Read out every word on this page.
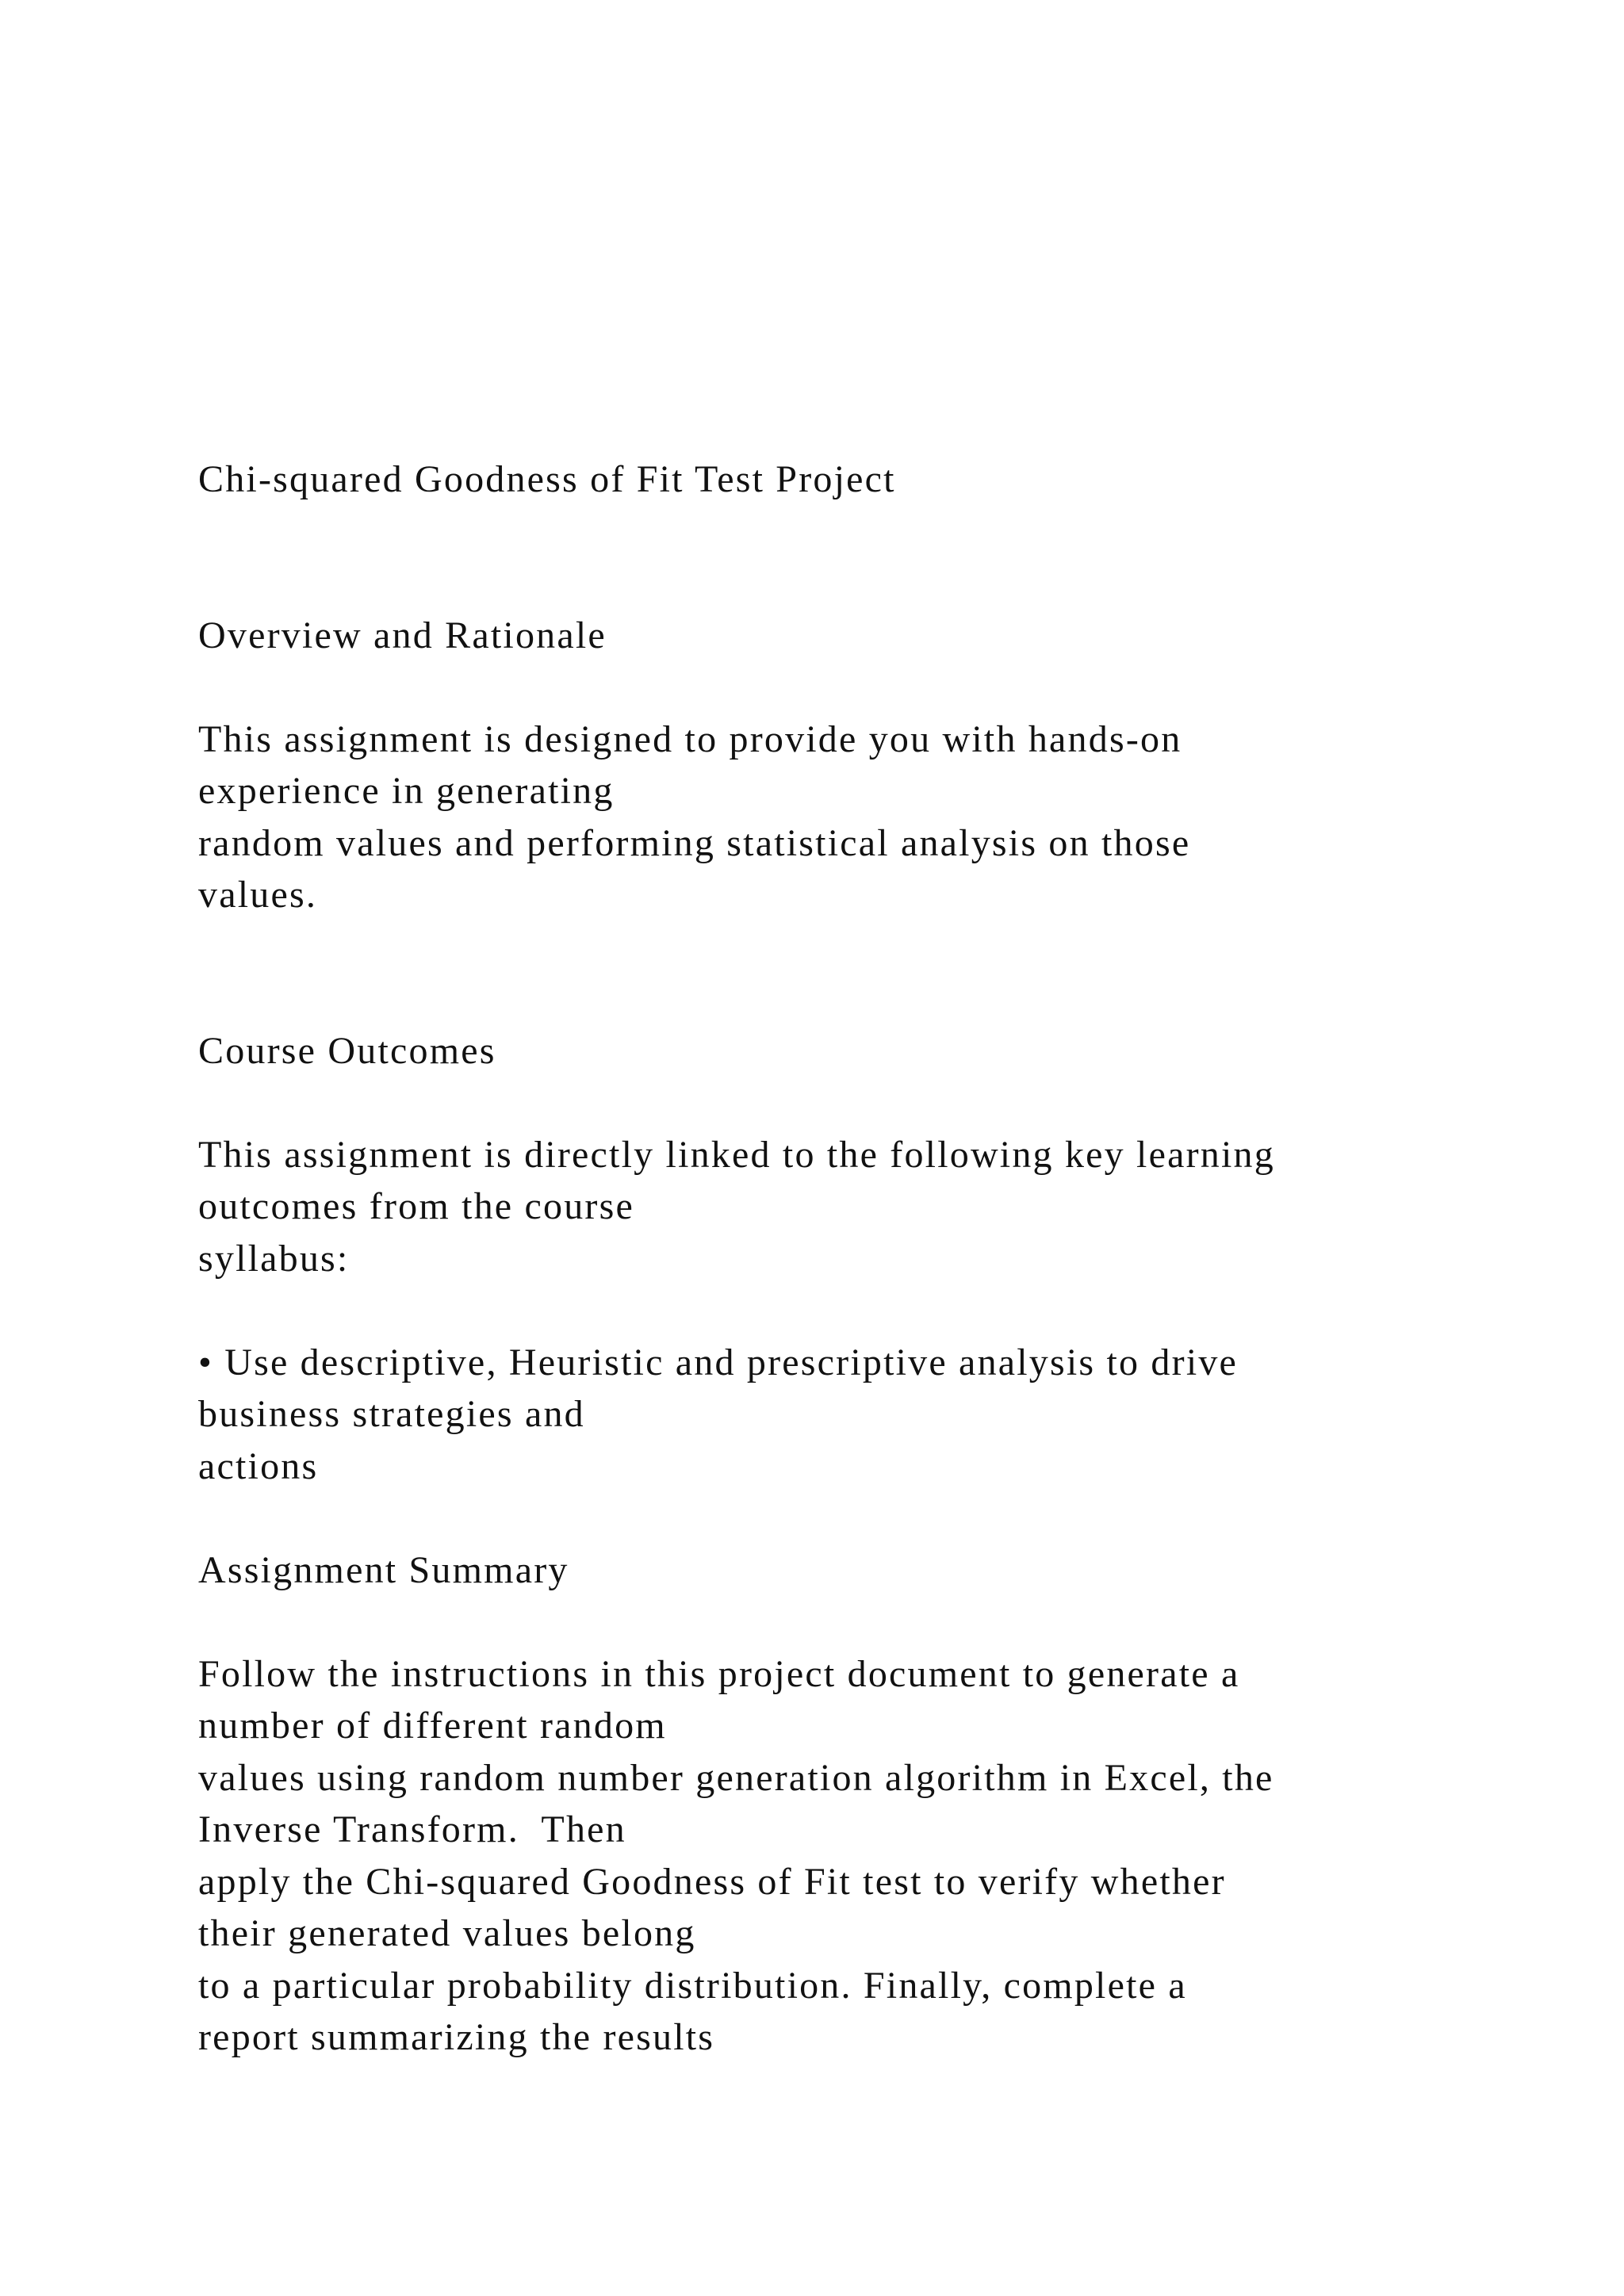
Chi-squared Goodness of Fit Test Project
Overview and Rationale
This assignment is designed to provide you with hands-on
experience in generating
random values and performing statistical analysis on those
values.
Course Outcomes
This assignment is directly linked to the following key learning
outcomes from the course
syllabus:
• Use descriptive, Heuristic and prescriptive analysis to drive
business strategies and
actions
Assignment Summary
Follow the instructions in this project document to generate a
number of different random
values using random number generation algorithm in Excel, the
Inverse Transform.  Then
apply the Chi-squared Goodness of Fit test to verify whether
their generated values belong
to a particular probability distribution. Finally, complete a
report summarizing the results
